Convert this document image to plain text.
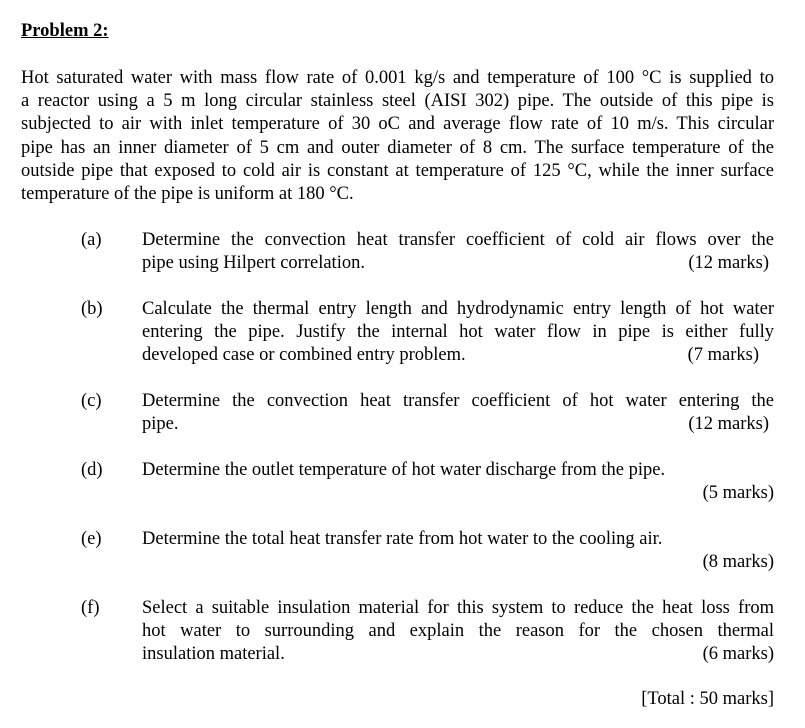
Problem 2:

Hot saturated water with mass flow rate of 0.001 kg/s and temperature of 100 °C is supplied to
a reactor using a 5 m long circular stainless steel (AISI 302) pipe. The outside of this pipe is
subjected to air with inlet temperature of 30 oC and average flow rate of 10 m/s. This circular
pipe has an inner diameter of 5 cm and outer diameter of 8 cm. The surface temperature of the
outside pipe that exposed to cold air is constant at temperature of 125 °C, while the inner surface
temperature of the pipe is uniform at 180 °C.

(a) Determine the convection heat transfer coefficient of cold air flows over the
pipe using Hilpert correlation.	(12 marks)
(b) Calculate the thermal entry length and hydrodynamic entry length of hot water
entering the pipe. Justify the internal hot water flow in pipe is either fully
developed case or combined entry problem.	(7 marks)
(c) Determine the convection heat transfer coefficient of hot water entering the
pipe.	(12 marks)
(d) Determine the outlet temperature of hot water discharge from the pipe.
(5 marks)
(e) Determine the total heat transfer rate from hot water to the cooling air.
(8 marks)
(f) Select a suitable insulation material for this system to reduce the heat loss from
hot water to surrounding and explain the reason for the chosen thermal
insulation material.	(6 marks)
[Total : 50 marks]
